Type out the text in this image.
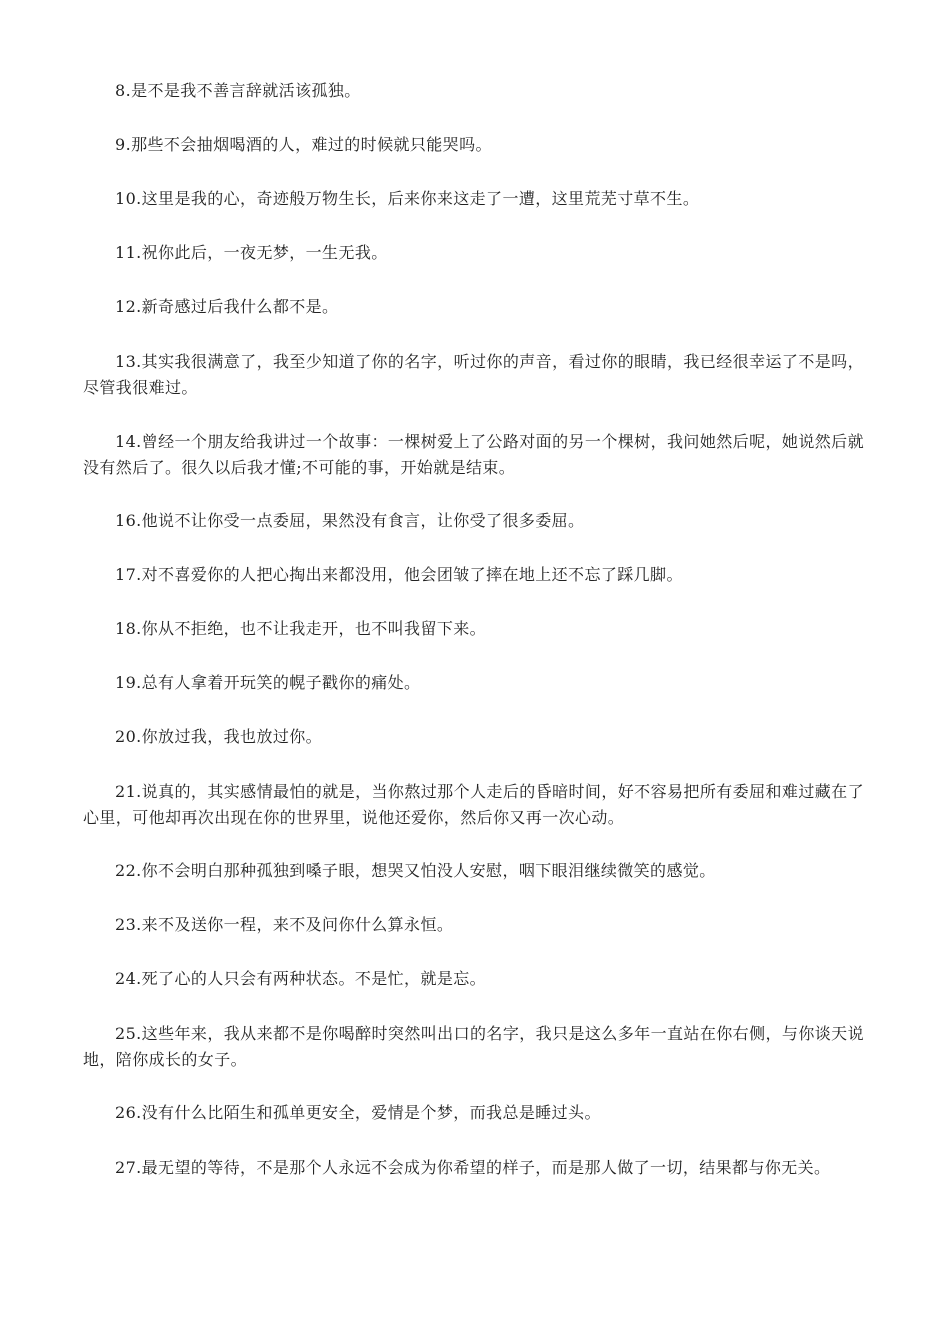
8.是不是我不善言辞就活该孤独。

9.那些不会抽烟喝酒的人，难过的时候就只能哭吗。

10.这里是我的心，奇迹般万物生长，后来你来这走了一遭，这里荒芜寸草不生。

11.祝你此后，一夜无梦，一生无我。

12.新奇感过后我什么都不是。

13.其实我很满意了，我至少知道了你的名字，听过你的声音，看过你的眼睛，我已经很幸运了不是吗，尽管我很难过。

14.曾经一个朋友给我讲过一个故事：一棵树爱上了公路对面的另一个棵树，我问她然后呢，她说然后就没有然后了。很久以后我才懂;不可能的事，开始就是结束。

16.他说不让你受一点委屈，果然没有食言，让你受了很多委屈。

17.对不喜爱你的人把心掏出来都没用，他会团皱了摔在地上还不忘了踩几脚。

18.你从不拒绝，也不让我走开，也不叫我留下来。

19.总有人拿着开玩笑的幌子戳你的痛处。

20.你放过我，我也放过你。

21.说真的，其实感情最怕的就是，当你熬过那个人走后的昏暗时间，好不容易把所有委屈和难过藏在了心里，可他却再次出现在你的世界里，说他还爱你，然后你又再一次心动。

22.你不会明白那种孤独到嗓子眼，想哭又怕没人安慰，咽下眼泪继续微笑的感觉。

23.来不及送你一程，来不及问你什么算永恒。

24.死了心的人只会有两种状态。不是忙，就是忘。

25.这些年来，我从来都不是你喝醉时突然叫出口的名字，我只是这么多年一直站在你右侧，与你谈天说地，陪你成长的女子。

26.没有什么比陌生和孤单更安全，爱情是个梦，而我总是睡过头。

27.最无望的等待，不是那个人永远不会成为你希望的样子，而是那人做了一切，结果都与你无关。
